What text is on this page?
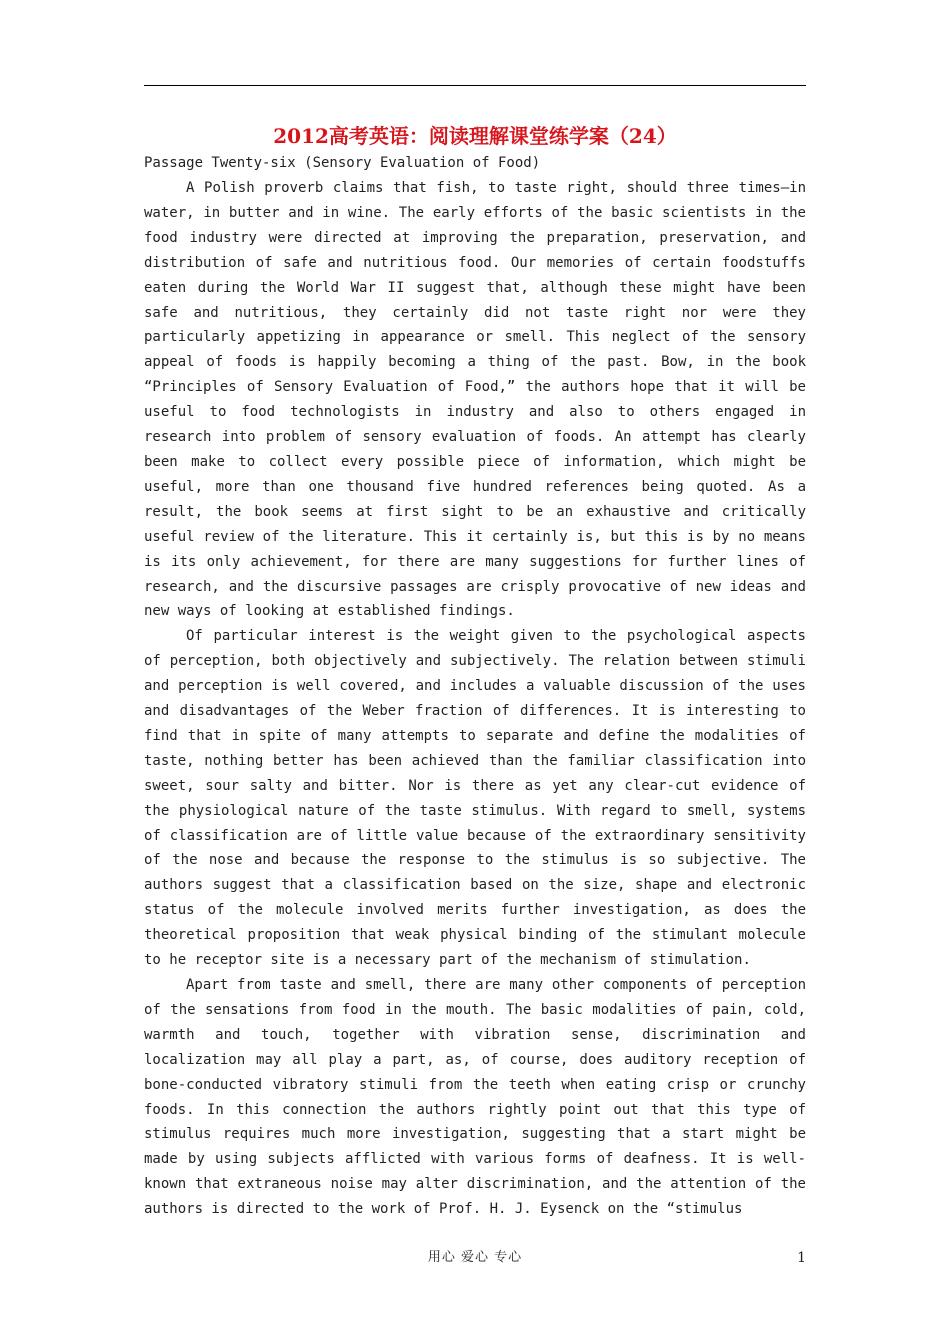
2012高考英语：阅读理解课堂练学案（24）
Passage Twenty-six (Sensory Evaluation of Food)

A Polish proverb claims that fish, to taste right, should three times—in water, in butter and in wine. The early efforts of the basic scientists in the food industry were directed at improving the preparation, preservation, and distribution of safe and nutritious food. Our memories of certain foodstuffs eaten during the World War II suggest that, although these might have been safe and nutritious, they certainly did not taste right nor were they particularly appetizing in appearance or smell. This neglect of the sensory appeal of foods is happily becoming a thing of the past. Bow, in the book “Principles of Sensory Evaluation of Food,” the authors hope that it will be useful to food technologists in industry and also to others engaged in research into problem of sensory evaluation of foods. An attempt has clearly been make to collect every possible piece of information, which might be useful, more than one thousand five hundred references being quoted. As a result, the book seems at first sight to be an exhaustive and critically useful review of the literature. This it certainly is, but this is by no means is its only achievement, for there are many suggestions for further lines of research, and the discursive passages are crisply provocative of new ideas and new ways of looking at established findings.

Of particular interest is the weight given to the psychological aspects of perception, both objectively and subjectively. The relation between stimuli and perception is well covered, and includes a valuable discussion of the uses and disadvantages of the Weber fraction of differences. It is interesting to find that in spite of many attempts to separate and define the modalities of taste, nothing better has been achieved than the familiar classification into sweet, sour salty and bitter. Nor is there as yet any clear-cut evidence of the physiological nature of the taste stimulus. With regard to smell, systems of classification are of little value because of the extraordinary sensitivity of the nose and because the response to the stimulus is so subjective. The authors suggest that a classification based on the size, shape and electronic status of the molecule involved merits further investigation, as does the theoretical proposition that weak physical binding of the stimulant molecule to he receptor site is a necessary part of the mechanism of stimulation.

Apart from taste and smell, there are many other components of perception of the sensations from food in the mouth. The basic modalities of pain, cold, warmth and touch, together with vibration sense, discrimination and localization may all play a part, as, of course, does auditory reception of bone-conducted vibratory stimuli from the teeth when eating crisp or crunchy foods. In this connection the authors rightly point out that this type of stimulus requires much more investigation, suggesting that a start might be made by using subjects afflicted with various forms of deafness. It is well-known that extraneous noise may alter discrimination, and the attention of the authors is directed to the work of Prof. H. J. Eysenck on the “stimulus

用心 爱心 专心	1
